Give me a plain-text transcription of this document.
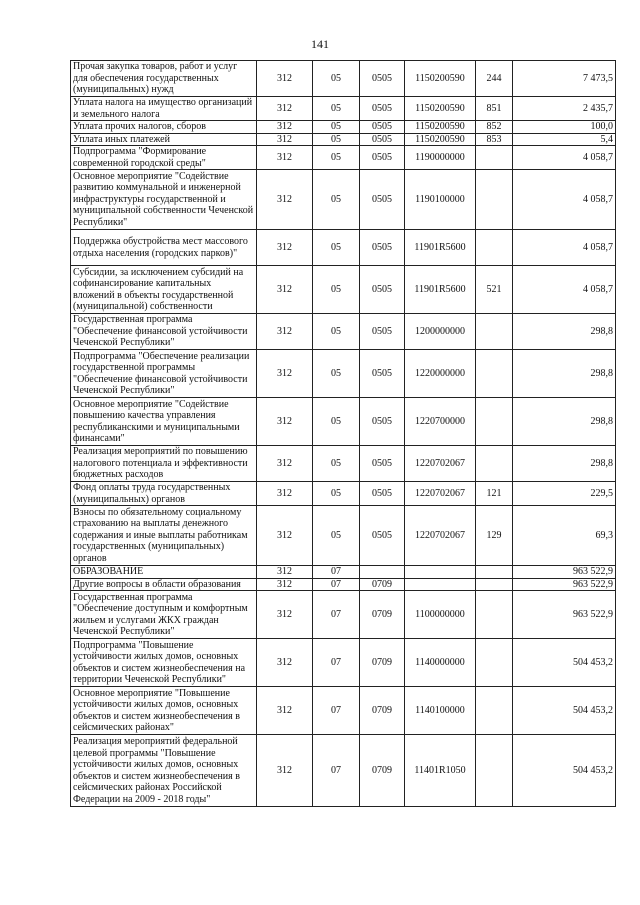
141
Прочая закупка товаров, работ и услуг для обеспечения государственных (муниципальных) нужд	312	05	0505	1150200590	244	7 473,5
Уплата налога на имущество организаций и земельного налога	312	05	0505	1150200590	851	2 435,7
Уплата прочих налогов, сборов	312	05	0505	1150200590	852	100,0
Уплата иных платежей	312	05	0505	1150200590	853	5,4
Подпрограмма "Формирование современной городской среды"	312	05	0505	1190000000		4 058,7
Основное мероприятие "Содействие развитию коммунальной и инженерной инфраструктуры государственной и муниципальной собственности Чеченской Республики"	312	05	0505	1190100000		4 058,7
Поддержка обустройства мест массового отдыха населения (городских парков)"	312	05	0505	11901R5600		4 058,7
Субсидии, за исключением субсидий на софинансирование капитальных вложений в объекты государственной (муниципальной) собственности	312	05	0505	11901R5600	521	4 058,7
Государственная программа "Обеспечение финансовой устойчивости Чеченской Республики"	312	05	0505	1200000000		298,8
Подпрограмма "Обеспечение реализации государственной программы "Обеспечение финансовой устойчивости Чеченской Республики"	312	05	0505	1220000000		298,8
Основное мероприятие "Содействие повышению качества управления республиканскими и муниципальными финансами"	312	05	0505	1220700000		298,8
Реализация мероприятий по повышению налогового потенциала и эффективности бюджетных расходов	312	05	0505	1220702067		298,8
Фонд оплаты труда государственных (муниципальных) органов	312	05	0505	1220702067	121	229,5
Взносы по обязательному социальному страхованию на выплаты денежного содержания и иные выплаты работникам государственных (муниципальных) органов	312	05	0505	1220702067	129	69,3
ОБРАЗОВАНИЕ	312	07				963 522,9
Другие вопросы в области образования	312	07	0709			963 522,9
Государственная программа "Обеспечение доступным и комфортным жильем и услугами ЖКХ граждан Чеченской Республики"	312	07	0709	1100000000		963 522,9
Подпрограмма "Повышение устойчивости жилых домов, основных объектов и систем жизнеобеспечения на территории Чеченской Республики"	312	07	0709	1140000000		504 453,2
Основное мероприятие "Повышение устойчивости жилых домов, основных объектов и систем жизнеобеспечения в сейсмических районах"	312	07	0709	1140100000		504 453,2
Реализация мероприятий федеральной целевой программы "Повышение устойчивости жилых домов, основных объектов и систем жизнеобеспечения в сейсмических районах Российской Федерации на 2009 - 2018 годы"	312	07	0709	11401R1050		504 453,2
